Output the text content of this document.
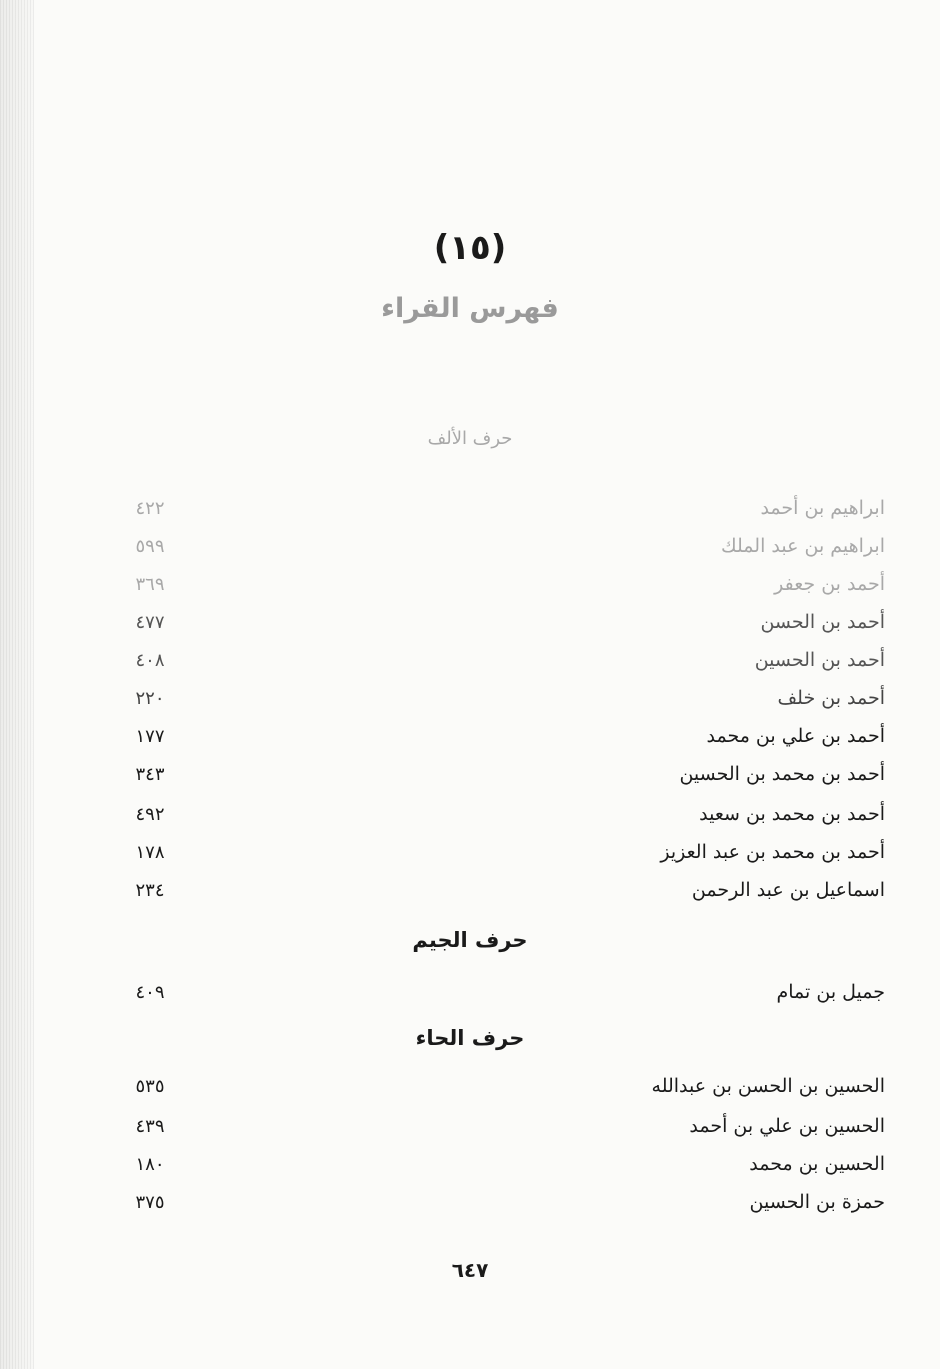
(١٥)
فهرس القراء
حرف الألف
٤٢٢	ابراهيم بن أحمد
٥٩٩	ابراهيم بن عبد الملك
٣٦٩	أحمد بن جعفر
٤٧٧	أحمد بن الحسن
٤٠٨	أحمد بن الحسين
٢٢٠	أحمد بن خلف
١٧٧	أحمد بن علي بن محمد
٣٤٣	أحمد بن محمد بن الحسين
٤٩٢	أحمد بن محمد بن سعيد
١٧٨	أحمد بن محمد بن عبد العزيز
٢٣٤	اسماعيل بن عبد الرحمن
حرف الجيم
٤٠٩	جميل بن تمام
حرف الحاء
٥٣٥	الحسين بن الحسن بن عبدالله
٤٣٩	الحسين بن علي بن أحمد
١٨٠	الحسين بن محمد
٣٧٥	حمزة بن الحسين
٦٤٧
